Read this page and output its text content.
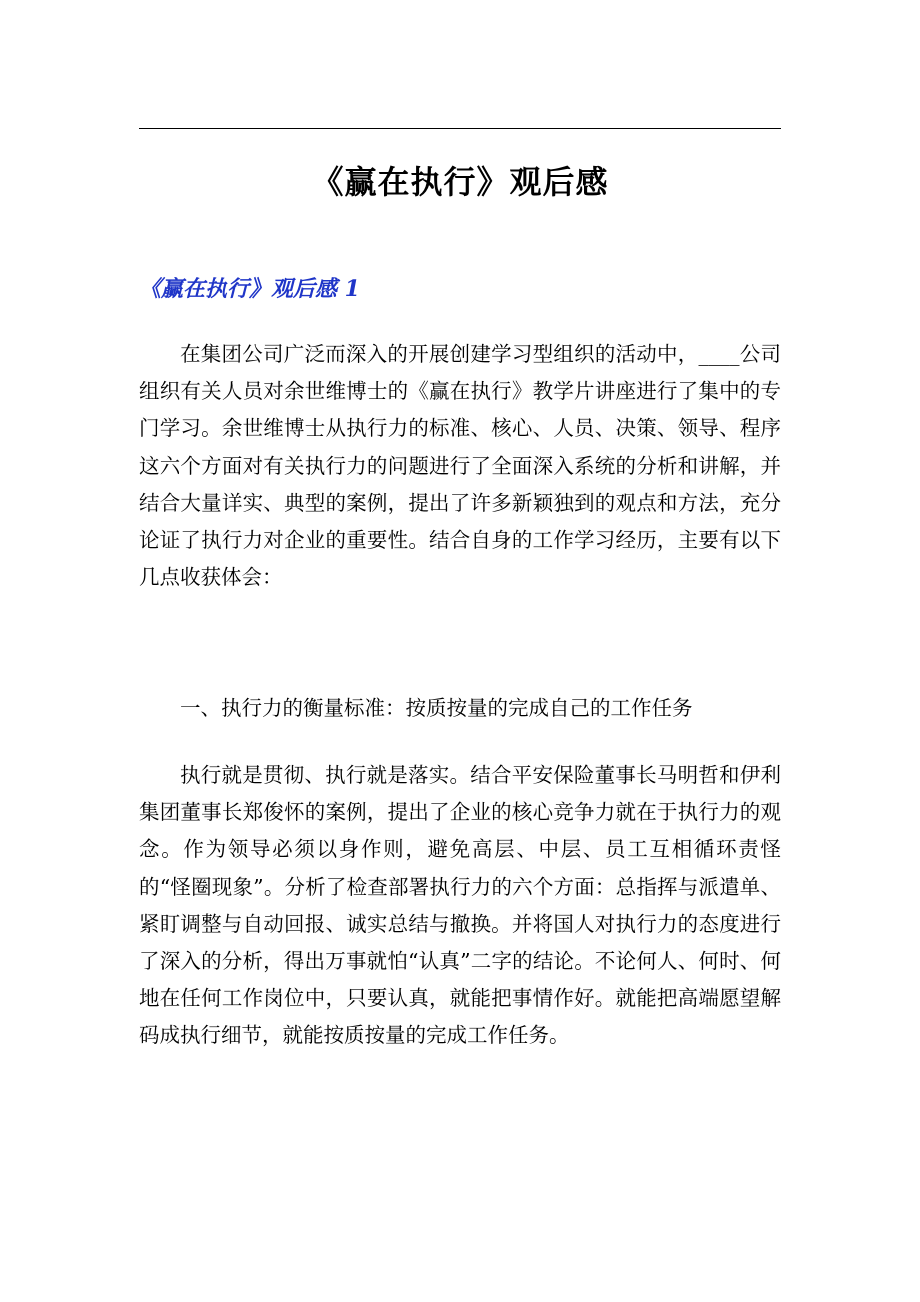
《赢在执行》观后感
《赢在执行》观后感 1

在集团公司广泛而深入的开展创建学习型组织的活动中，____公司组织有关人员对余世维博士的《赢在执行》教学片讲座进行了集中的专门学习。余世维博士从执行力的标准、核心、人员、决策、领导、程序这六个方面对有关执行力的问题进行了全面深入系统的分析和讲解，并结合大量详实、典型的案例，提出了许多新颖独到的观点和方法，充分论证了执行力对企业的重要性。结合自身的工作学习经历，主要有以下几点收获体会：

一、执行力的衡量标准：按质按量的完成自己的工作任务

执行就是贯彻、执行就是落实。结合平安保险董事长马明哲和伊利集团董事长郑俊怀的案例，提出了企业的核心竞争力就在于执行力的观念。作为领导必须以身作则，避免高层、中层、员工互相循环责怪的“怪圈现象”。分析了检查部署执行力的六个方面：总指挥与派遣单、紧盯调整与自动回报、诚实总结与撤换。并将国人对执行力的态度进行了深入的分析，得出万事就怕“认真”二字的结论。不论何人、何时、何地在任何工作岗位中，只要认真，就能把事情作好。就能把高端愿望解码成执行细节，就能按质按量的完成工作任务。
